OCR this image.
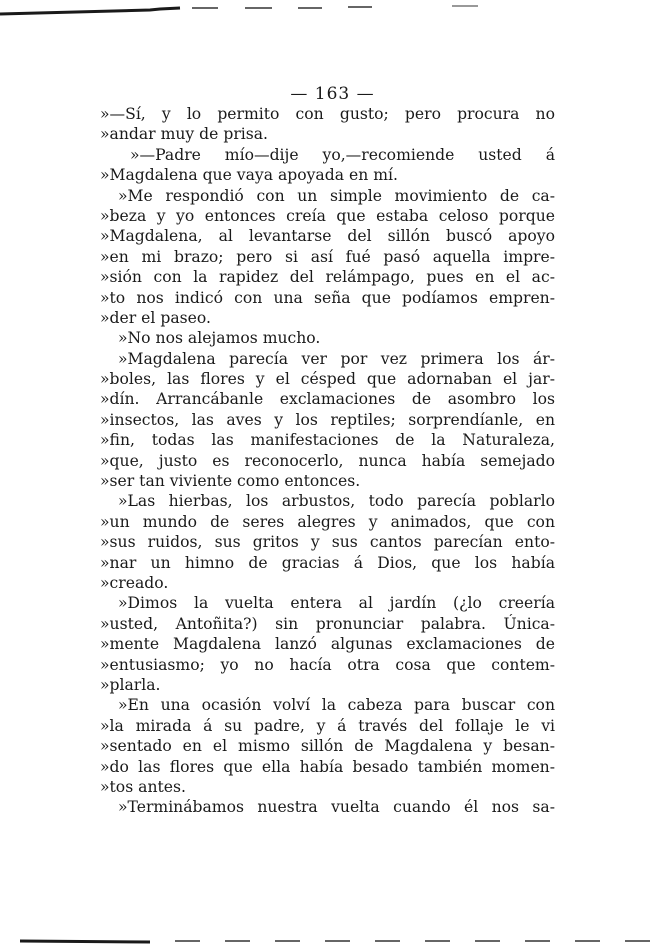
— 163 —
»—Sí, y lo permito con gusto; pero procura no
»andar muy de prisa.
»—Padre mío—dije yo,—recomiende usted á
»Magdalena que vaya apoyada en mí.
»Me respondió con un simple movimiento de ca-
»beza y yo entonces creía que estaba celoso porque
»Magdalena, al levantarse del sillón buscó apoyo
»en mi brazo; pero si así fué pasó aquella impre-
»sión con la rapidez del relámpago, pues en el ac-
»to nos indicó con una seña que podíamos empren-
»der el paseo.
»No nos alejamos mucho.
»Magdalena parecía ver por vez primera los ár-
»boles, las flores y el césped que adornaban el jar-
»dín. Arrancábanle exclamaciones de asombro los
»insectos, las aves y los reptiles; sorprendíanle, en
»fin, todas las manifestaciones de la Naturaleza,
»que, justo es reconocerlo, nunca había semejado
»ser tan viviente como entonces.
»Las hierbas, los arbustos, todo parecía poblarlo
»un mundo de seres alegres y animados, que con
»sus ruidos, sus gritos y sus cantos parecían ento-
»nar un himno de gracias á Dios, que los había
»creado.
»Dimos la vuelta entera al jardín (¿lo creería
»usted, Antoñita?) sin pronunciar palabra. Única-
»mente Magdalena lanzó algunas exclamaciones de
»entusiasmo; yo no hacía otra cosa que contem-
»plarla.
»En una ocasión volví la cabeza para buscar con
»la mirada á su padre, y á través del follaje le vi
»sentado en el mismo sillón de Magdalena y besan-
»do las flores que ella había besado también momen-
»tos antes.
»Terminábamos nuestra vuelta cuando él nos sa-
